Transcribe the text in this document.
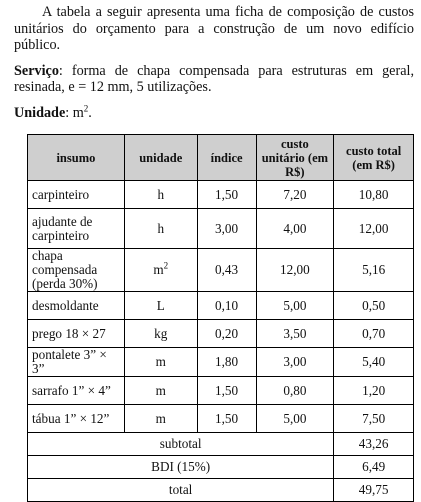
A tabela a seguir apresenta uma ficha de composição de custos unitários do orçamento para a construção de um novo edifício público.

Serviço: forma de chapa compensada para estruturas em geral, resinada, e = 12 mm, 5 utilizações.

Unidade: $m^2$.

insumo	unidade	índice	custo unitário (em R$)	custo total (em R$)
carpinteiro	h	1,50	7,20	10,80
ajudante de carpinteiro	h	3,00	4,00	12,00
chapa compensada (perda 30%)	$m^2$	0,43	12,00	5,16
desmoldante	L	0,10	5,00	0,50
prego 18 × 27	kg	0,20	3,50	0,70
pontalete 3” × 3”	m	1,80	3,00	5,40
sarrafo 1” × 4”	m	1,50	0,80	1,20
tábua 1” × 12”	m	1,50	5,00	7,50
subtotal				43,26
BDI (15%)				6,49
total				49,75
